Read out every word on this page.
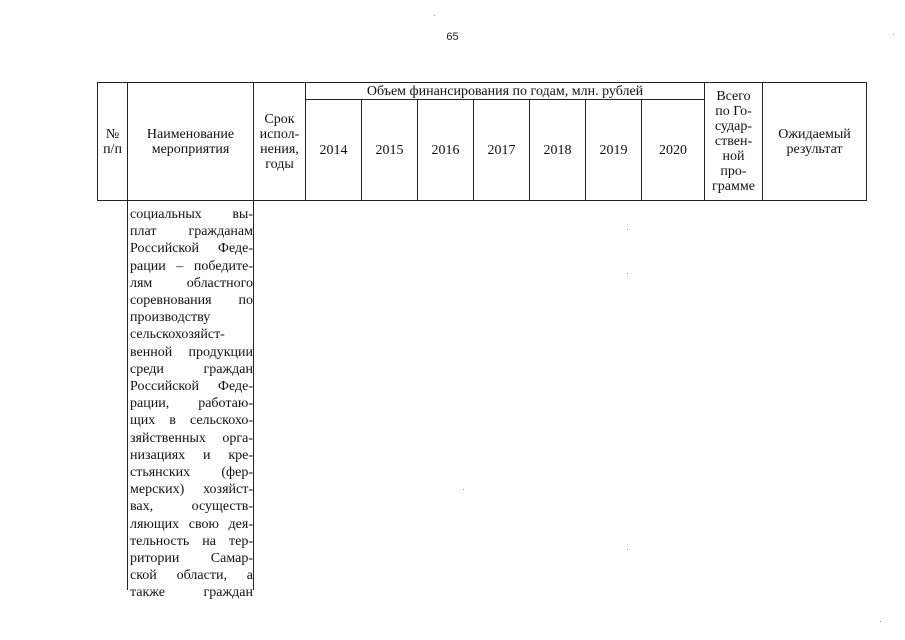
65
№
п/п
Наименование
мероприятия
Срок
испол-
нения,
годы
Объем финансирования по годам, млн. рублей
2014 2015 2016 2017 2018 2019 2020
Всего
по Го-
судар-
ствен-
ной
про-
грамме
Ожидаемый
результат
социальных вы-
плат гражданам
Российской Феде-
рации – победите-
лям областного
соревнования по
производству
сельскохозяйст-
венной продукции
среди граждан
Российской Феде-
рации, работаю-
щих в сельскохо-
зяйственных орга-
низациях и кре-
стьянских (фер-
мерских) хозяйст-
вах, осуществ-
ляющих свою дея-
тельность на тер-
ритории Самар-
ской области, а
также граждан
